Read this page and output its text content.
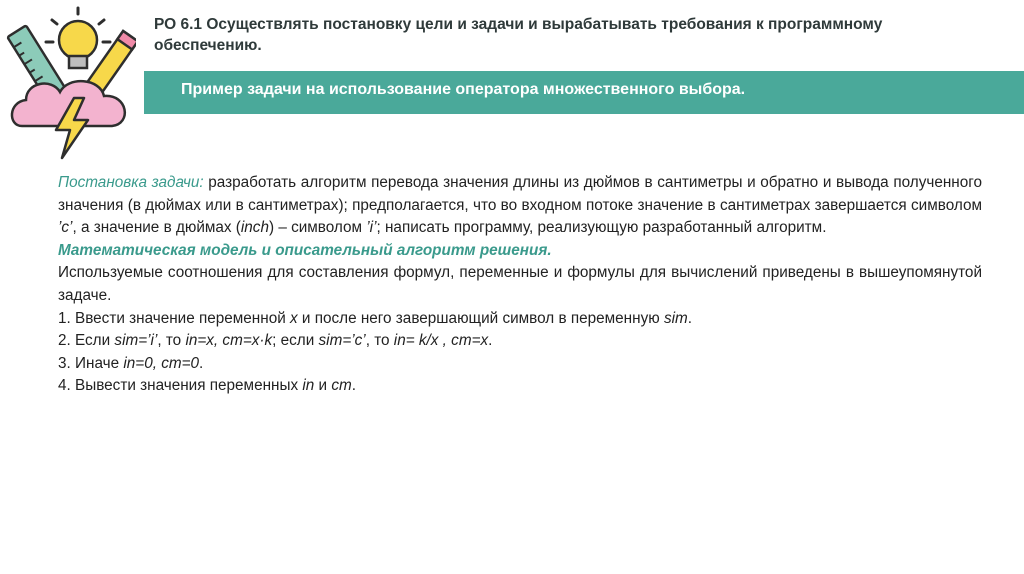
РО 6.1 Осуществлять постановку цели и задачи и вырабатывать требования к программному обеспечению.
Пример задачи на использование оператора множественного выбора.

Постановка задачи: разработать алгоритм перевода значения длины из дюймов в сантиметры и обратно и вывода полученного значения (в дюймах или в сантиметрах); предполагается, что во входном потоке значение в сантиметрах завершается символом ’c’, а значение в дюймах (inch) – символом ’i’; написать программу, реализующую разработанный алгоритм.

Математическая модель и описательный алгоритм решения.

Используемые соотношения для составления формул, переменные и формулы для вычислений приведены в вышеупомянутой задаче.

1. Ввести значение переменной x и после него завершающий символ в переменную sim.

2. Если sim=’i’, то in=x, cm=x·k; если sim=’c’, то in= k/x , cm=x.

3. Иначе in=0, cm=0.

4. Вывести значения переменных in и cm.
